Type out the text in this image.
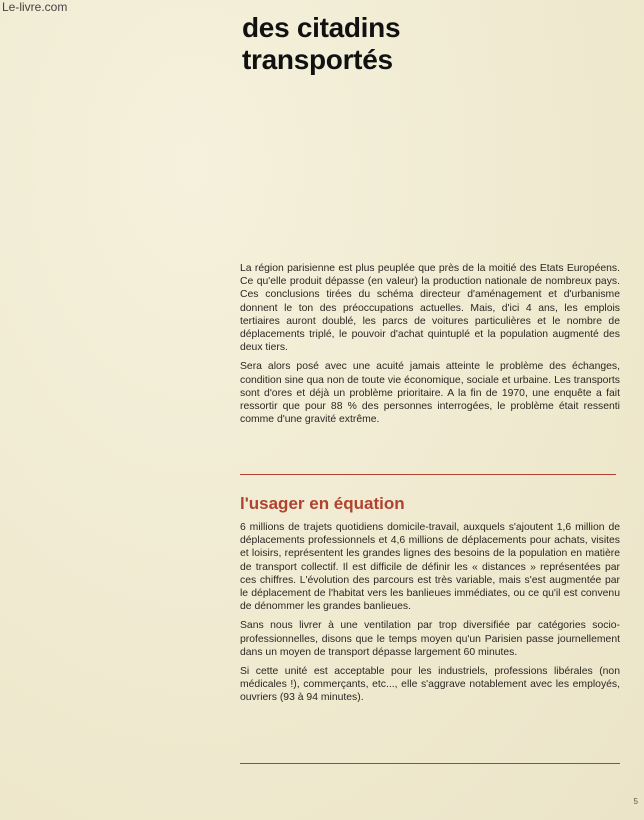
Le-livre.com
des citadins
transportés

La région parisienne est plus peuplée que près de la moitié des Etats Européens. Ce qu'elle produit dépasse (en valeur) la production nationale de nombreux pays. Ces conclusions tirées du schéma directeur d'aménagement et d'urbanisme donnent le ton des préoccupations actuelles. Mais, d'ici 4 ans, les emplois tertiaires auront doublé, les parcs de voitures particulières et le nombre de déplacements triplé, le pouvoir d'achat quintuplé et la population augmenté des deux tiers.

Sera alors posé avec une acuité jamais atteinte le problème des échanges, condition sine qua non de toute vie économique, sociale et urbaine. Les transports sont d'ores et déjà un problème prioritaire. A la fin de 1970, une enquête a fait ressortir que pour 88 % des personnes interrogées, le problème était ressenti comme d'une gravité extrême.

l'usager en équation

6 millions de trajets quotidiens domicile-travail, auxquels s'ajoutent 1,6 million de déplacements professionnels et 4,6 millions de déplacements pour achats, visites et loisirs, représentent les grandes lignes des besoins de la population en matière de transport collectif. Il est difficile de définir les « distances » représentées par ces chiffres. L'évolution des parcours est très variable, mais s'est augmentée par le déplacement de l'habitat vers les banlieues immédiates, ou ce qu'il est convenu de dénommer les grandes banlieues.

Sans nous livrer à une ventilation par trop diversifiée par catégories socio-professionnelles, disons que le temps moyen qu'un Parisien passe journellement dans un moyen de transport dépasse largement 60 minutes.

Si cette unité est acceptable pour les industriels, professions libérales (non médicales !), commerçants, etc..., elle s'aggrave notablement avec les employés, ouvriers (93 à 94 minutes).

5
